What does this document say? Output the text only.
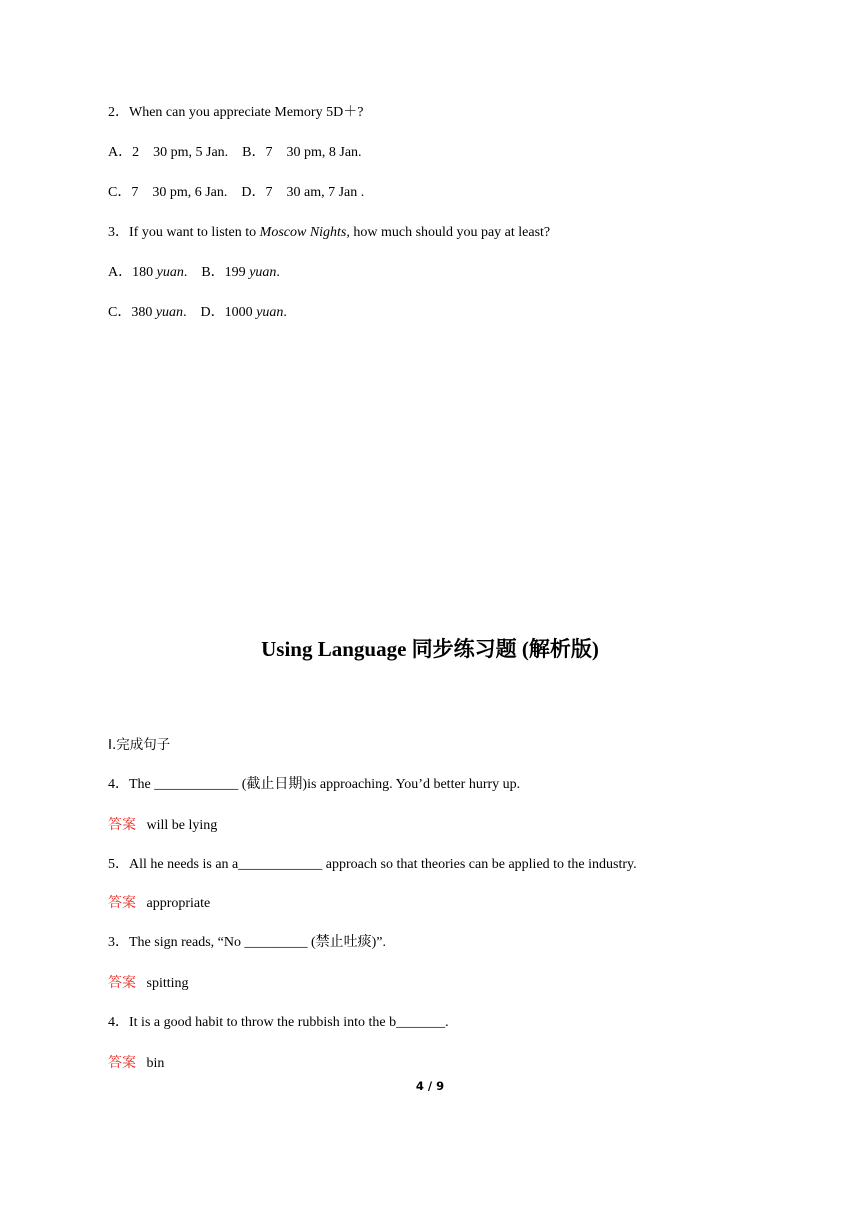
2．When can you appreciate Memory 5D＋?
A．2　30 pm, 5 Jan.　B．7　30 pm, 8 Jan.
C．7　30 pm, 6 Jan.　D．7　30 am, 7 Jan .
3．If you want to listen to Moscow Nights, how much should you pay at least?
A．180 yuan.　B．199 yuan.
C．380 yuan.　D．1000 yuan.
Using Language 同步练习题 (解析版)
Ⅰ.完成句子
4．The ____________ (截止日期)is approaching. You’d better hurry up.
答案 will be lying
5．All he needs is an a____________ approach so that theories can be applied to the industry.
答案 appropriate
3．The sign reads, “No _________ (禁止吐痰)”.
答案 spitting
4．It is a good habit to throw the rubbish into the b_______.
答案 bin
4 / 9
